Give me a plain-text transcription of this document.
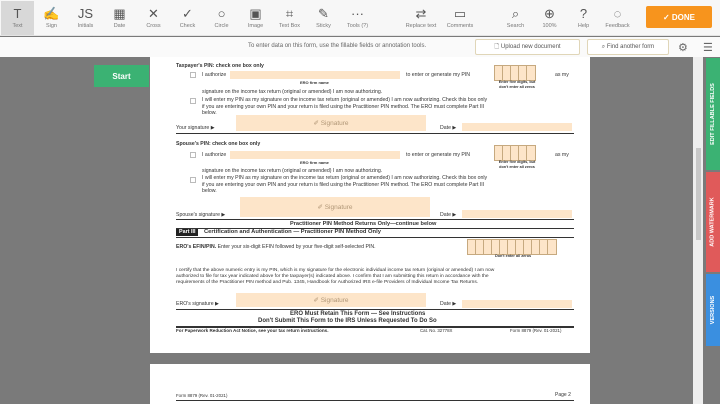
T
Text
✍
Sign
JS
Initials
▦
Date
✕
Cross
✓
Check
○
Circle
▣
Image
⌗
Text Box
✎
Sticky
···
Tools (?)
⇄
Replace text
▭
Comments
⌕
Search
⊕
100%
?
Help
◌
Feedback
✓ DONE
To enter data on this form, use the fillable fields or annotation tools.	🗋 Upload new document	⌕ Find another form ⚙ ☰
Start
Taxpayer's PIN: check one box only
I authorize
ERO firm name
to enter or generate my PIN
Enter five digits, but don't enter all zeros
as my
signature on the income tax return (original or amended) I am now authorizing.
I will enter my PIN as my signature on the income tax return (original or amended) I am now authorizing. Check this box only
if you are entering your own PIN and your return is filed using the Practitioner PIN method. The ERO must complete Part III
below.
Your signature ▶
✐ Signature
Date ▶
Spouse's PIN: check one box only
I authorize
ERO firm name
to enter or generate my PIN
Enter five digits, but don't enter all zeros
as my
signature on the income tax return (original or amended) I am now authorizing.
I will enter my PIN as my signature on the income tax return (original or amended) I am now authorizing. Check this box only
if you are entering your own PIN and your return is filed using the Practitioner PIN method. The ERO must complete Part III
below.
Spouse's signature ▶
✐ Signature
Date ▶
Practitioner PIN Method Returns Only—continue below
Part III	Certification and Authentication — Practitioner PIN Method Only
ERO's EFIN/PIN. Enter your six-digit EFIN followed by your five-digit self-selected PIN.
Don't enter all zeros
I certify that the above numeric entry is my PIN, which is my signature for the electronic individual income tax return (original or amended) I am now
authorized to file for tax year indicated above for the taxpayer(s) indicated above. I confirm that I am submitting this return in accordance with the
requirements of the Practitioner PIN method and Pub. 1345, Handbook for Authorized IRS e-file Providers of Individual Income Tax Returns.
ERO's signature ▶	✐ Signature	Date ▶
ERO Must Retain This Form — See Instructions
Don't Submit This Form to the IRS Unless Requested To Do So
For Paperwork Reduction Act Notice, see your tax return instructions.	Cat. No. 32778X	Form 8879 (Rev. 01-2021)
Form 8879 (Rev. 01-2021)	Page 2
EDIT FILLABLE FIELDS
ADD WATERMARK
VERSIONS
